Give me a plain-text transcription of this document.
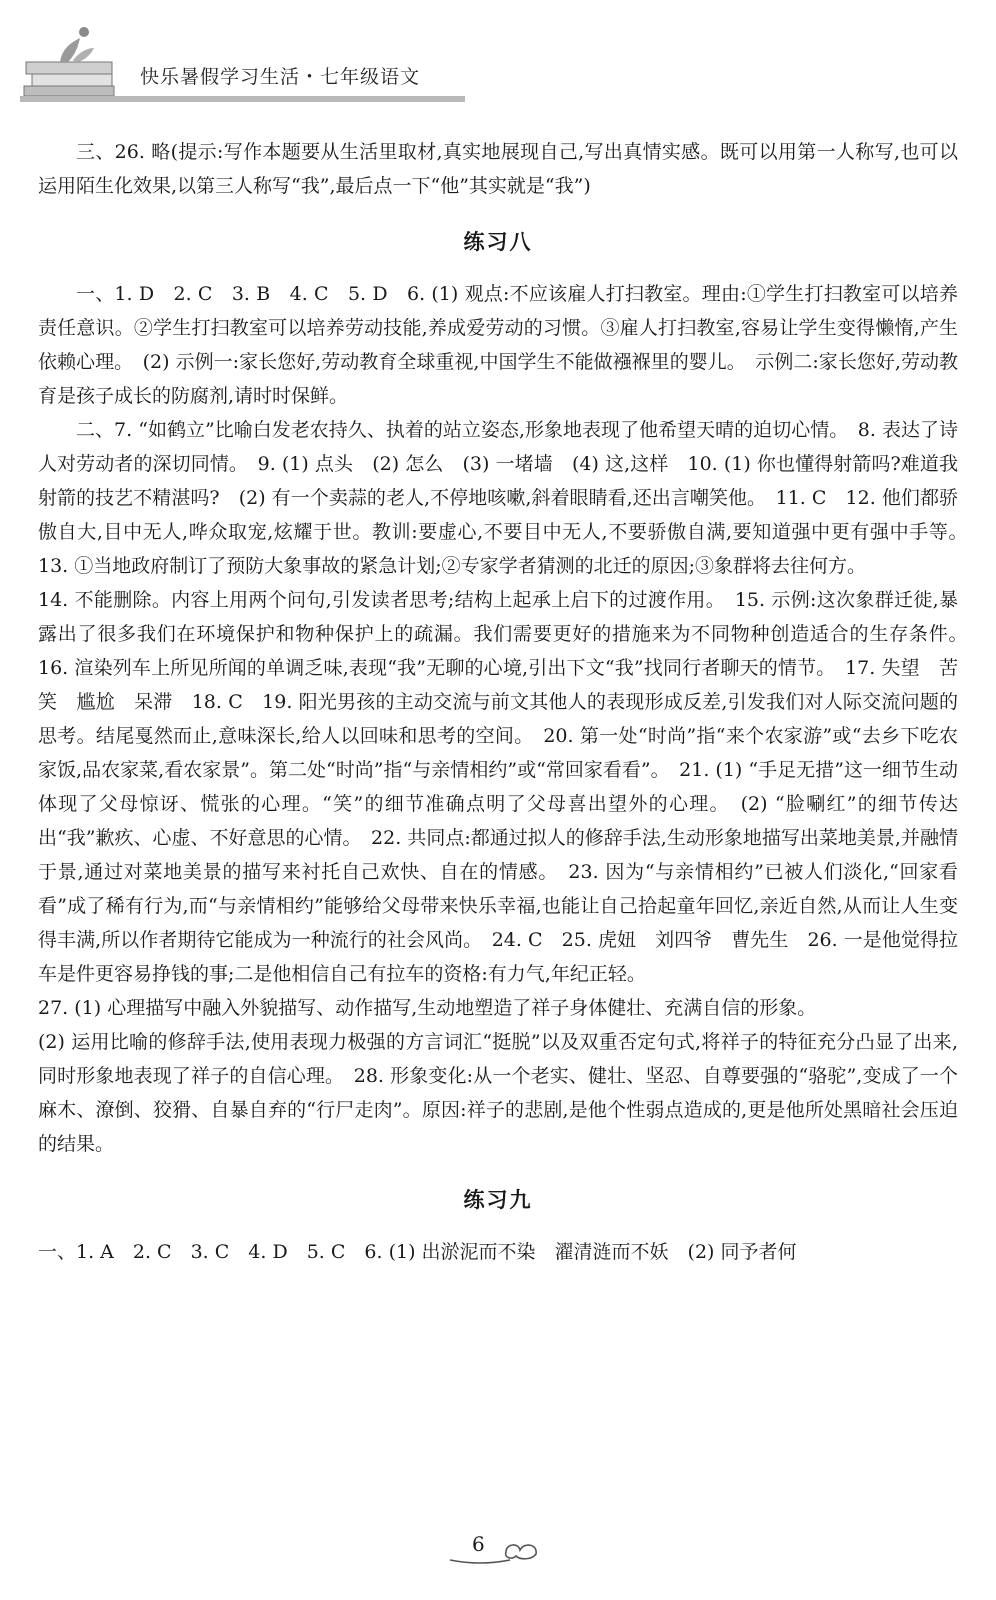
快乐暑假学习生活・七年级语文

三、26. 略(提示:写作本题要从生活里取材,真实地展现自己,写出真情实感。既可以用第一人称写,也可以运用陌生化效果,以第三人称写“我”,最后点一下“他”其实就是“我”)

练习八

一、1. D　2. C　3. B　4. C　5. D　6. (1) 观点:不应该雇人打扫教室。理由:①学生打扫教室可以培养责任意识。②学生打扫教室可以培养劳动技能,养成爱劳动的习惯。③雇人打扫教室,容易让学生变得懒惰,产生依赖心理。　(2) 示例一:家长您好,劳动教育全球重视,中国学生不能做襁褓里的婴儿。　示例二:家长您好,劳动教育是孩子成长的防腐剂,请时时保鲜。

二、7. “如鹤立”比喻白发老农持久、执着的站立姿态,形象地表现了他希望天晴的迫切心情。　8. 表达了诗人对劳动者的深切同情。　9. (1) 点头　(2) 怎么　(3) 一堵墙　(4) 这,这样　10. (1) 你也懂得射箭吗?难道我射箭的技艺不精湛吗?　(2) 有一个卖蒜的老人,不停地咳嗽,斜着眼睛看,还出言嘲笑他。　11. C　12. 他们都骄傲自大,目中无人,哗众取宠,炫耀于世。教训:要虚心,不要目中无人,不要骄傲自满,要知道强中更有强中手等。　13. ①当地政府制订了预防大象事故的紧急计划;②专家学者猜测的北迁的原因;③象群将去往何方。

14. 不能删除。内容上用两个问句,引发读者思考;结构上起承上启下的过渡作用。　15. 示例:这次象群迁徙,暴露出了很多我们在环境保护和物种保护上的疏漏。我们需要更好的措施来为不同物种创造适合的生存条件。　16. 渲染列车上所见所闻的单调乏味,表现“我”无聊的心境,引出下文“我”找同行者聊天的情节。　17. 失望　苦笑　尴尬　呆滞　18. C　19. 阳光男孩的主动交流与前文其他人的表现形成反差,引发我们对人际交流问题的思考。结尾戛然而止,意味深长,给人以回味和思考的空间。　20. 第一处“时尚”指“来个农家游”或“去乡下吃农家饭,品农家菜,看农家景”。第二处“时尚”指“与亲情相约”或“常回家看看”。　21. (1) “手足无措”这一细节生动体现了父母惊讶、慌张的心理。“笑”的细节准确点明了父母喜出望外的心理。　(2) “脸唰红”的细节传达出“我”歉疚、心虚、不好意思的心情。　22. 共同点:都通过拟人的修辞手法,生动形象地描写出菜地美景,并融情于景,通过对菜地美景的描写来衬托自己欢快、自在的情感。　23. 因为“与亲情相约”已被人们淡化,“回家看看”成了稀有行为,而“与亲情相约”能够给父母带来快乐幸福,也能让自己拾起童年回忆,亲近自然,从而让人生变得丰满,所以作者期待它能成为一种流行的社会风尚。　24. C　25. 虎妞　刘四爷　曹先生　26. 一是他觉得拉车是件更容易挣钱的事;二是他相信自己有拉车的资格:有力气,年纪正轻。

27. (1) 心理描写中融入外貌描写、动作描写,生动地塑造了祥子身体健壮、充满自信的形象。

(2) 运用比喻的修辞手法,使用表现力极强的方言词汇“挺脱”以及双重否定句式,将祥子的特征充分凸显了出来,同时形象地表现了祥子的自信心理。　28. 形象变化:从一个老实、健壮、坚忍、自尊要强的“骆驼”,变成了一个麻木、潦倒、狡猾、自暴自弃的“行尸走肉”。原因:祥子的悲剧,是他个性弱点造成的,更是他所处黑暗社会压迫的结果。

练习九

一、1. A　2. C　3. C　4. D　5. C　6. (1) 出淤泥而不染　濯清涟而不妖　(2) 同予者何

6
